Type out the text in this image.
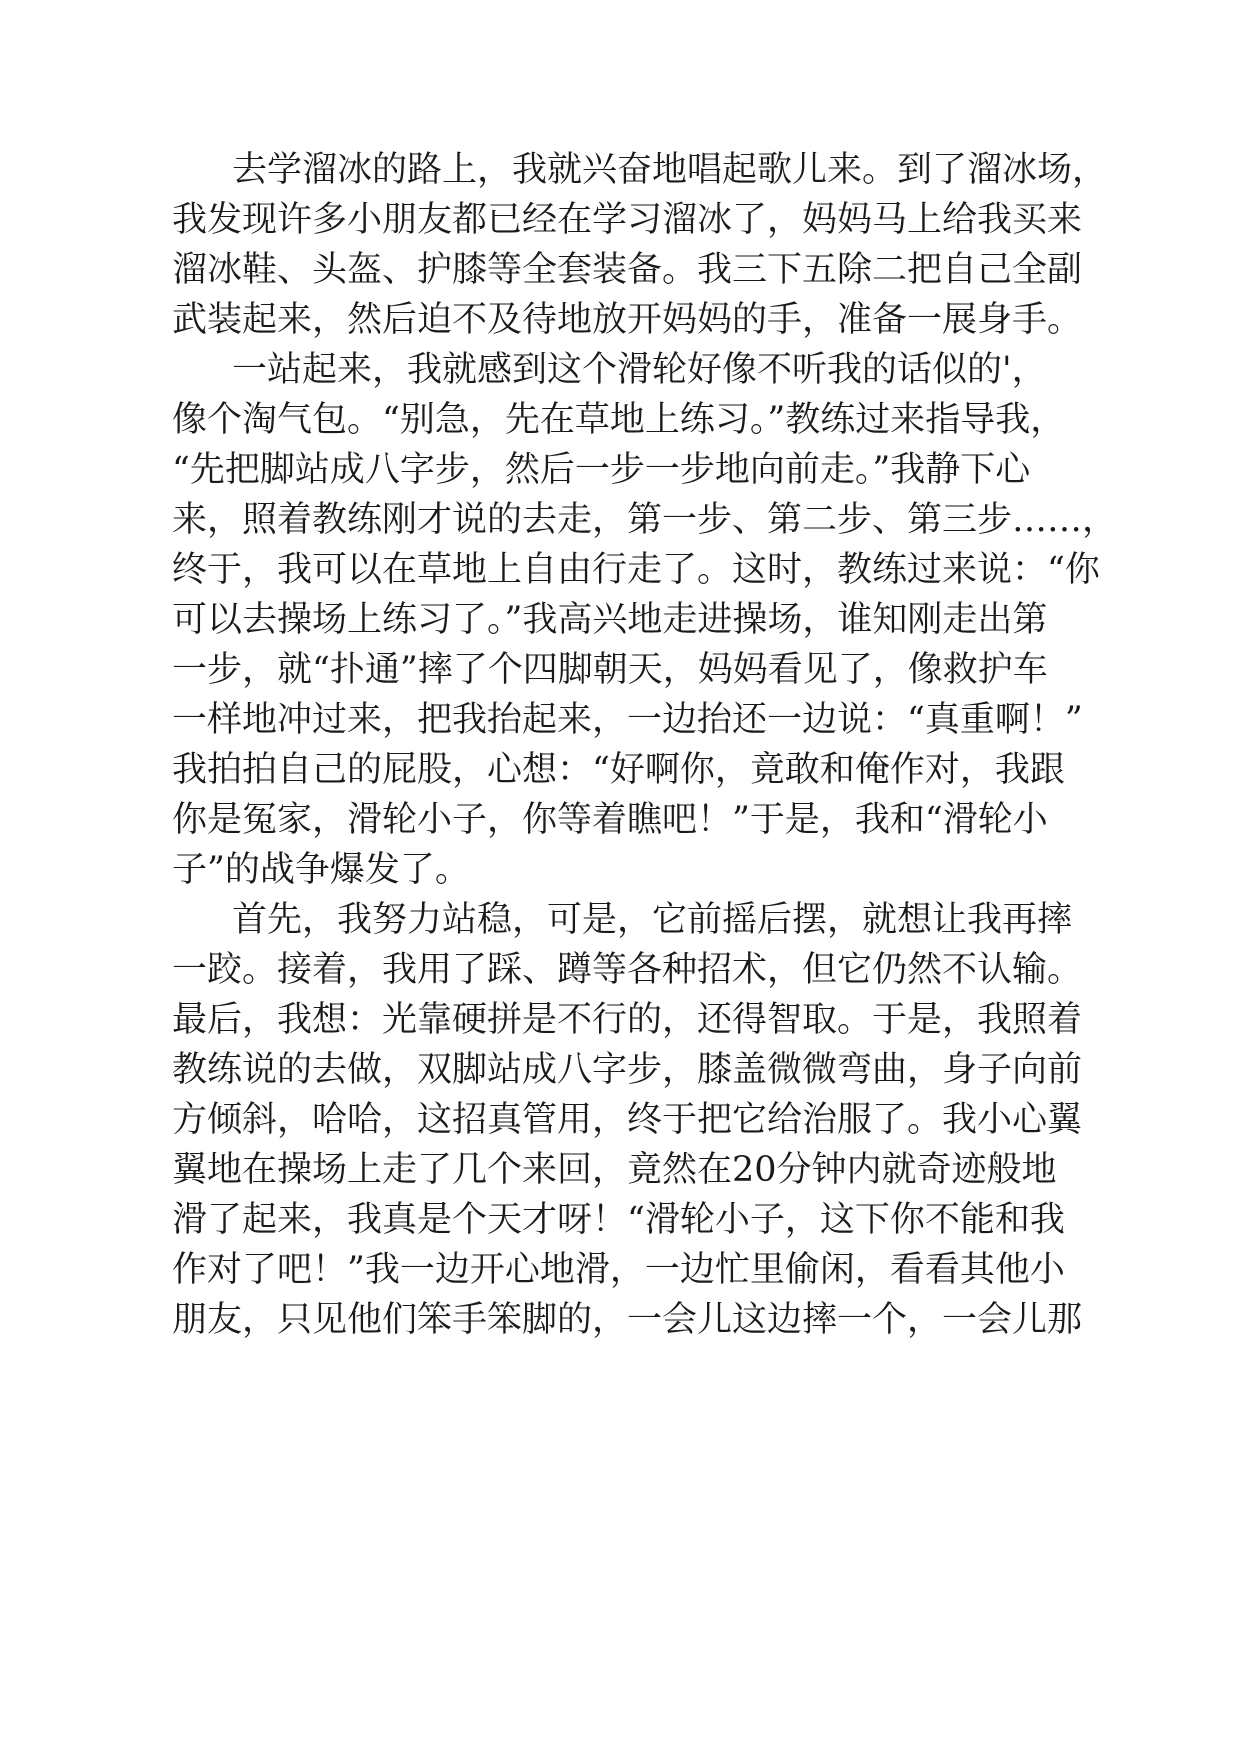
去学溜冰的路上，我就兴奋地唱起歌儿来。到了溜冰场，

我发现许多小朋友都已经在学习溜冰了，妈妈马上给我买来

溜冰鞋、头盔、护膝等全套装备。我三下五除二把自己全副

武装起来，然后迫不及待地放开妈妈的手，准备一展身手。

一站起来，我就感到这个滑轮好像不听我的话似的'，

像个淘气包。“别急，先在草地上练习。”教练过来指导我，

“先把脚站成八字步，然后一步一步地向前走。”我静下心

来，照着教练刚才说的去走，第一步、第二步、第三步……，

终于，我可以在草地上自由行走了。这时，教练过来说：“你

可以去操场上练习了。”我高兴地走进操场，谁知刚走出第

一步，就“扑通”摔了个四脚朝天，妈妈看见了，像救护车

一样地冲过来，把我抬起来，一边抬还一边说：“真重啊！”

我拍拍自己的屁股，心想：“好啊你，竟敢和俺作对，我跟

你是冤家，滑轮小子，你等着瞧吧！”于是，我和“滑轮小

子”的战争爆发了。

首先，我努力站稳，可是，它前摇后摆，就想让我再摔

一跤。接着，我用了踩、蹲等各种招术，但它仍然不认输。

最后，我想：光靠硬拼是不行的，还得智取。于是，我照着

教练说的去做，双脚站成八字步，膝盖微微弯曲，身子向前

方倾斜，哈哈，这招真管用，终于把它给治服了。我小心翼

翼地在操场上走了几个来回，竟然在20分钟内就奇迹般地

滑了起来，我真是个天才呀！“滑轮小子，这下你不能和我

作对了吧！”我一边开心地滑，一边忙里偷闲，看看其他小

朋友，只见他们笨手笨脚的，一会儿这边摔一个，一会儿那
